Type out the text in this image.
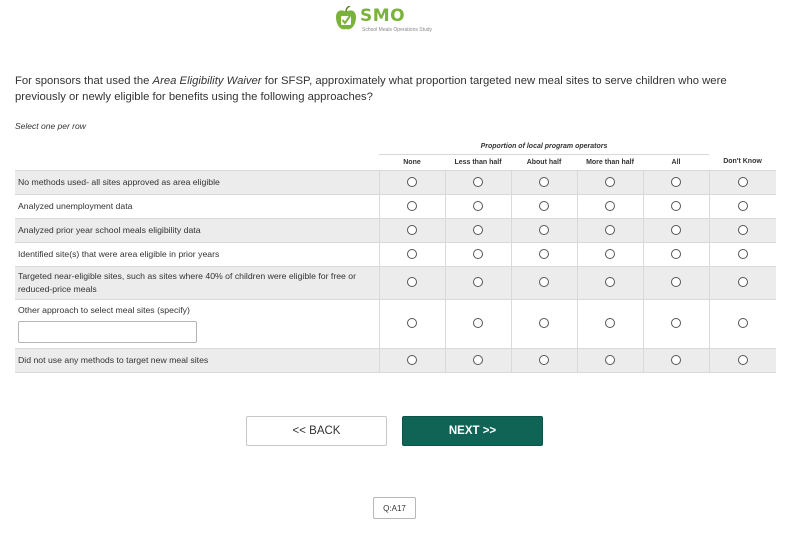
SMO
School Meals Operations Study

For sponsors that used the Area Eligibility Waiver for SFSP, approximately what proportion targeted new meal sites to serve children who were previously or newly eligible for benefits using the following approaches?

Select one per row

	Proportion of local program operators					
	None	Less than half	About half	More than half	All	Don't Know
No methods used- all sites approved as area eligible						
Analyzed unemployment data						
Analyzed prior year school meals eligibility data						
Identified site(s) that were area eligible in prior years						
Targeted near-eligible sites, such as sites where 40% of children were eligible for free or reduced-price meals						
Other approach to select meal sites (specify)

Did not use any methods to target new meal sites						
<< BACK	NEXT >>
Q:A17
